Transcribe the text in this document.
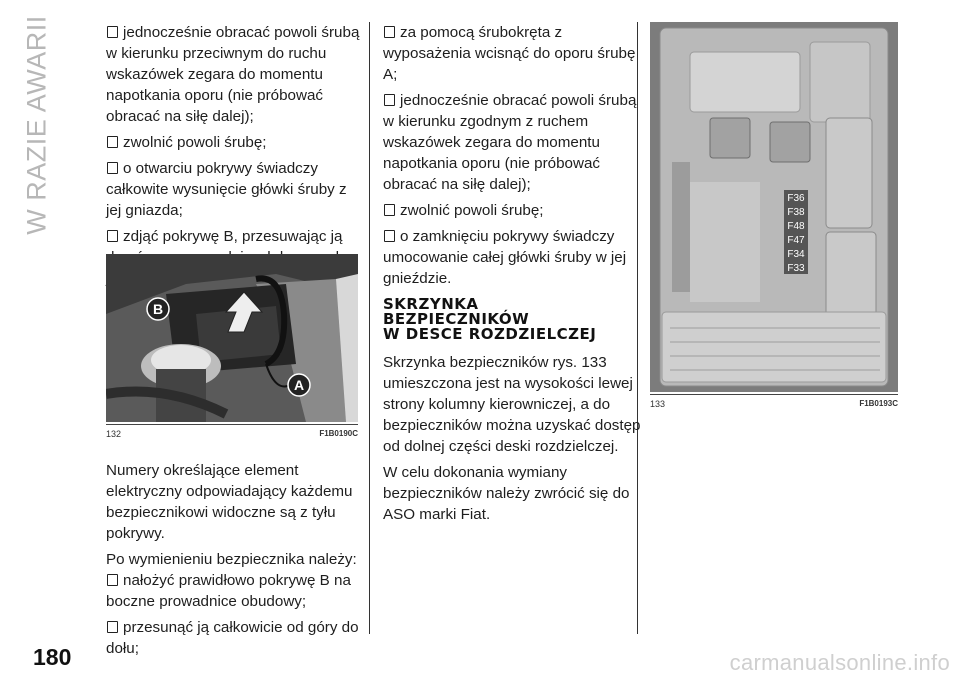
W RAZIE AWARII	jednocześnie obracać powoli śrubą w kierunku przeciwnym do ruchu wskazówek zegara do momentu napotkania oporu (nie próbować obracać na siłę dalej);

zwolnić powoli śrubę;

o otwarciu pokrywy świadczy całkowite wysunięcie główki śruby z jej gniazda;

zdjąć pokrywę B, przesuwając ją

B
A
132	F1B0190C

Numery określające element elektryczny odpowiadający każdemu bezpiecznikowi widoczne są z tyłu pokrywy.

Po wymienieniu bezpiecznika należy:

nałożyć prawidłowo pokrywę B na boczne prowadnice obudowy;

przesunąć ją całkowicie od góry do dołu;

za pomocą śrubokręta z wyposażenia wcisnąć do oporu śrubę A;

jednocześnie obracać powoli śrubą w kierunku zgodnym z ruchem wskazówek zegara do momentu napotkania oporu (nie próbować obracać na siłę dalej);

zwolnić powoli śrubę;

o zamknięciu pokrywy świadczy umocowanie całej główki śruby w jej gnieździe.

SKRZYNKA
BEZPIECZNIKÓW
W DESCE ROZDZIELCZEJ

Skrzynka bezpieczników rys. 133 umieszczona jest na wysokości lewej strony kolumny kierowniczej, a do bezpieczników można uzyskać dostęp od dolnej części deski rozdzielczej.

W celu dokonania wymiany bezpieczników należy zwrócić się do ASO marki Fiat.

F36
F38
F48
F47
F34
F33
133	F1B0193C
180	carmanualsonline.info
